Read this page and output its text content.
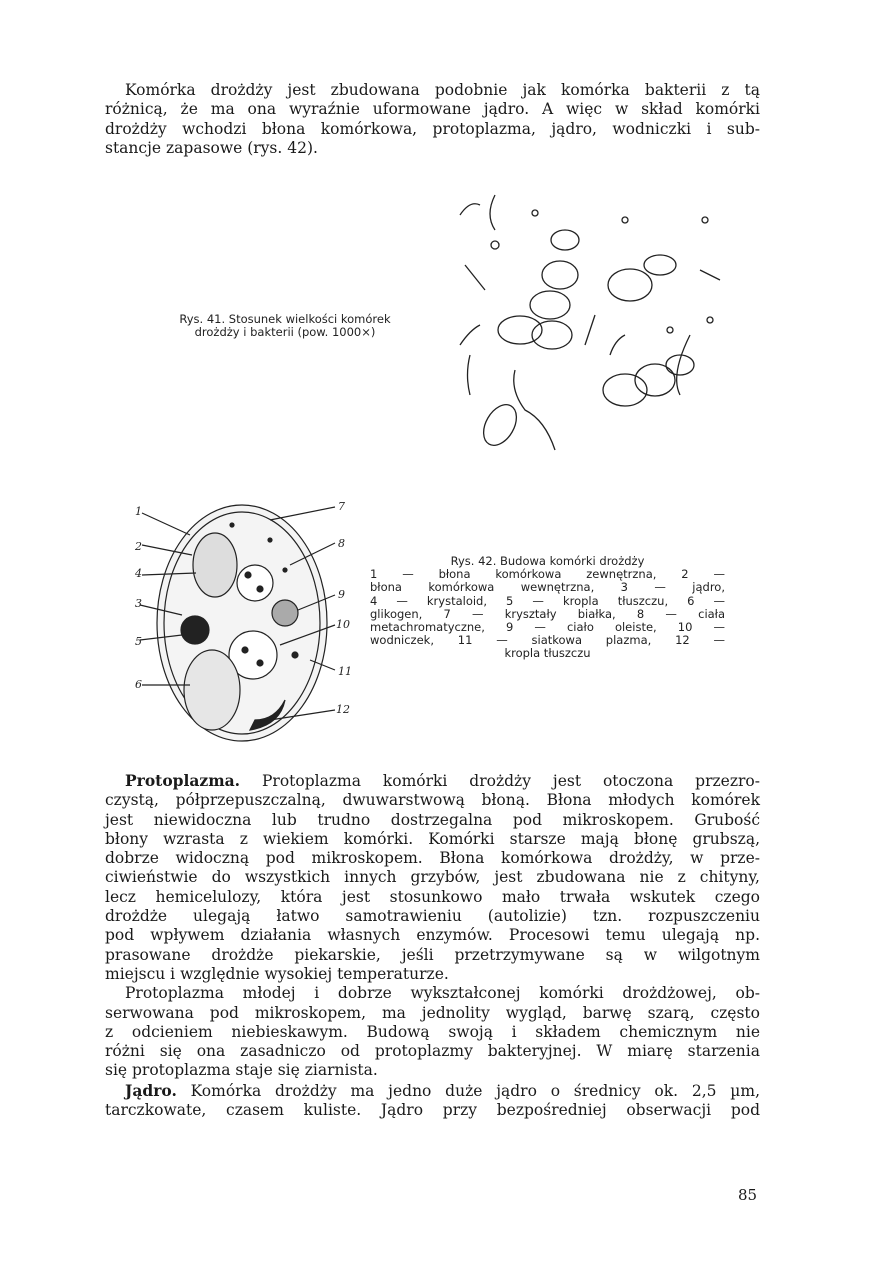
Komórka drożdży jest zbudowana podobnie jak komórka bakterii z tą
różnicą, że ma ona wyraźnie uformowane jądro. A więc w skład komórki
drożdży wchodzi błona komórkowa, protoplazma, jądro, wodniczki i sub-
stancje zapasowe (rys. 42).
Rys. 41. Stosunek wielkości komórek
drożdży i bakterii (pow. 1000×)
1
2
4
3
5
6
7
8
9
10
11
12
Rys. 42. Budowa komórki drożdży
1 — błona komórkowa zewnętrzna, 2 —
błona komórkowa wewnętrzna, 3 — jądro,
4 — krystaloid, 5 — kropla tłuszczu, 6 —
glikogen, 7 — kryształy białka, 8 — ciała
metachromatyczne, 9 — ciało oleiste, 10 —
wodniczek, 11 — siatkowa plazma, 12 —
kropla tłuszczu
Protoplazma. Protoplazma komórki drożdży jest otoczona przezro-
czystą, półprzepuszczalną, dwuwarstwową błoną. Błona młodych komórek
jest niewidoczna lub trudno dostrzegalna pod mikroskopem. Grubość
błony wzrasta z wiekiem komórki. Komórki starsze mają błonę grubszą,
dobrze widoczną pod mikroskopem. Błona komórkowa drożdży, w prze-
ciwieństwie do wszystkich innych grzybów, jest zbudowana nie z chityny,
lecz hemicelulozy, która jest stosunkowo mało trwała wskutek czego
drożdże ulegają łatwo samotrawieniu (autolizie) tzn. rozpuszczeniu
pod wpływem działania własnych enzymów. Procesowi temu ulegają np.
prasowane drożdże piekarskie, jeśli przetrzymywane są w wilgotnym
miejscu i względnie wysokiej temperaturze.
Protoplazma młodej i dobrze wykształconej komórki drożdżowej, ob-
serwowana pod mikroskopem, ma jednolity wygląd, barwę szarą, często
z odcieniem niebieskawym. Budową swoją i składem chemicznym nie
różni się ona zasadniczo od protoplazmy bakteryjnej. W miarę starzenia
się protoplazma staje się ziarnista.
Jądro. Komórka drożdży ma jedno duże jądro o średnicy ok. 2,5 µm,
tarczkowate, czasem kuliste. Jądro przy bezpośredniej obserwacji pod
85
